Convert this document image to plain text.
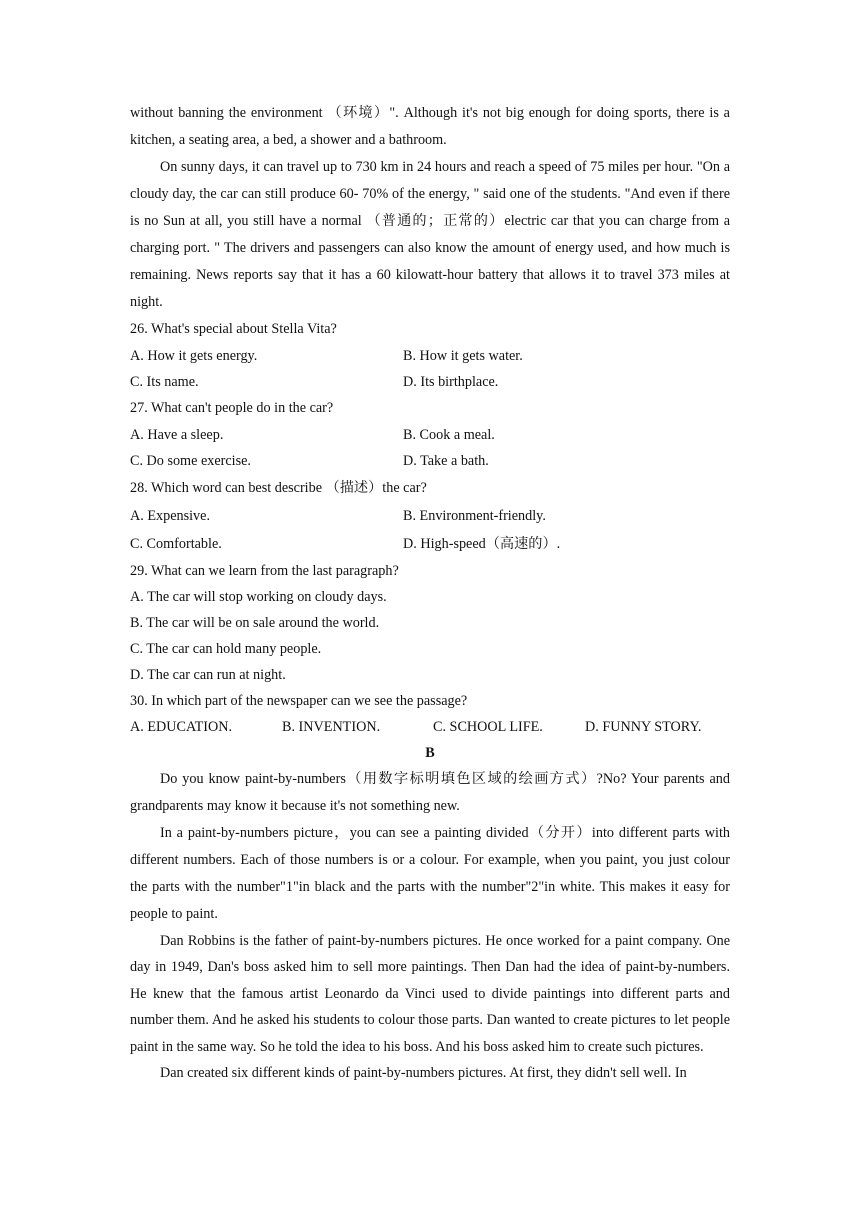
without banning the environment （环境）". Although it's not big enough for doing sports, there is a kitchen, a seating area, a bed, a shower and a bathroom.

On sunny days, it can travel up to 730 km in 24 hours and reach a speed of 75 miles per hour. "On a cloudy day, the car can still produce 60- 70% of the energy, " said one of the students. "And even if there is no Sun at all, you still have a normal （普通的；正常的）electric car that you can charge from a charging port. " The drivers and passengers can also know the amount of energy used, and how much is remaining. News reports say that it has a 60 kilowatt-hour battery that allows it to travel 373 miles at night.

26. What's special about Stella Vita?
A. How it gets energy.	B. How it gets water.
C. Its name.	D. Its birthplace.
27. What can't people do in the car?
A. Have a sleep.	B. Cook a meal.
C. Do some exercise.	D. Take a bath.
28. Which word can best describe （描述）the car?
A. Expensive.	B. Environment-friendly.
C. Comfortable.	D. High-speed（高速的）.
29. What can we learn from the last paragraph?
A. The car will stop working on cloudy days.
B. The car will be on sale around the world.
C. The car can hold many people.
D. The car can run at night.
30. In which part of the newspaper can we see the passage?
A. EDUCATION.	B. INVENTION.	C. SCHOOL LIFE.	D. FUNNY STORY.
B

Do you know paint-by-numbers（用数字标明填色区域的绘画方式）?No? Your parents and grandparents may know it because it's not something new.

In a paint-by-numbers picture，you can see a painting divided（分开）into different parts with different numbers. Each of those numbers is or a colour. For example, when you paint, you just colour the parts with the number"1"in black and the parts with the number"2"in white. This makes it easy for people to paint.

Dan Robbins is the father of paint-by-numbers pictures. He once worked for a paint company. One day in 1949, Dan's boss asked him to sell more paintings. Then Dan had the idea of paint-by-numbers. He knew that the famous artist Leonardo da Vinci used to divide paintings into different parts and number them. And he asked his students to colour those parts. Dan wanted to create pictures to let people paint in the same way. So he told the idea to his boss. And his boss asked him to create such pictures.

Dan created six different kinds of paint-by-numbers pictures. At first, they didn't sell well. In
